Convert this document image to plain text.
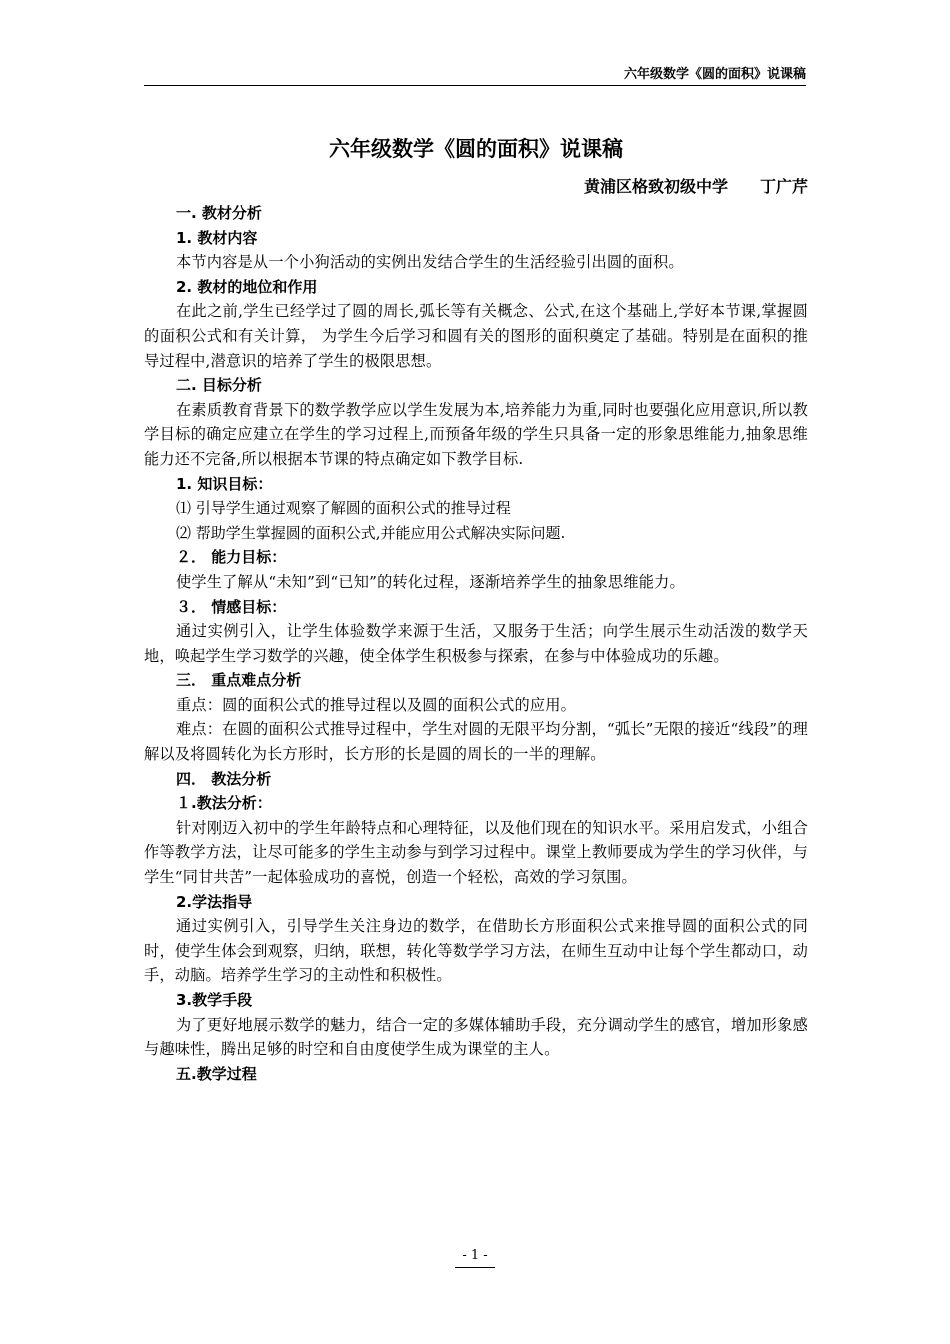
六年级数学《圆的面积》说课稿
六年级数学《圆的面积》说课稿
黄浦区格致初级中学　　丁广芹
一. 教材分析
1. 教材内容
本节内容是从一个小狗活动的实例出发结合学生的生活经验引出圆的面积。
2. 教材的地位和作用
在此之前,学生已经学过了圆的周长,弧长等有关概念、公式,在这个基础上,学好本节课,掌握圆的面积公式和有关计算， 为学生今后学习和圆有关的图形的面积奠定了基础。特别是在面积的推导过程中,潜意识的培养了学生的极限思想。
二. 目标分析
在素质教育背景下的数学教学应以学生发展为本,培养能力为重,同时也要强化应用意识,所以教学目标的确定应建立在学生的学习过程上,而预备年级的学生只具备一定的形象思维能力,抽象思维能力还不完备,所以根据本节课的特点确定如下教学目标.
1. 知识目标：
⑴ 引导学生通过观察了解圆的面积公式的推导过程
⑵ 帮助学生掌握圆的面积公式,并能应用公式解决实际问题.
２． 能力目标：
使学生了解从“未知”到“已知”的转化过程，逐渐培养学生的抽象思维能力。
３． 情感目标：
通过实例引入，让学生体验数学来源于生活，又服务于生活；向学生展示生动活泼的数学天地，唤起学生学习数学的兴趣，使全体学生积极参与探索，在参与中体验成功的乐趣。
三． 重点难点分析
重点：圆的面积公式的推导过程以及圆的面积公式的应用。
难点：在圆的面积公式推导过程中，学生对圆的无限平均分割，“弧长”无限的接近“线段”的理解以及将圆转化为长方形时，长方形的长是圆的周长的一半的理解。
四． 教法分析
１.教法分析：
针对刚迈入初中的学生年龄特点和心理特征，以及他们现在的知识水平。采用启发式，小组合作等教学方法，让尽可能多的学生主动参与到学习过程中。课堂上教师要成为学生的学习伙伴，与学生“同甘共苦”一起体验成功的喜悦，创造一个轻松，高效的学习氛围。
2.学法指导
通过实例引入，引导学生关注身边的数学，在借助长方形面积公式来推导圆的面积公式的同时，使学生体会到观察，归纳，联想，转化等数学学习方法，在师生互动中让每个学生都动口，动手，动脑。培养学生学习的主动性和积极性。
3.教学手段
为了更好地展示数学的魅力，结合一定的多媒体辅助手段，充分调动学生的感官，增加形象感与趣味性，腾出足够的时空和自由度使学生成为课堂的主人。
五.教学过程
- 1 -
